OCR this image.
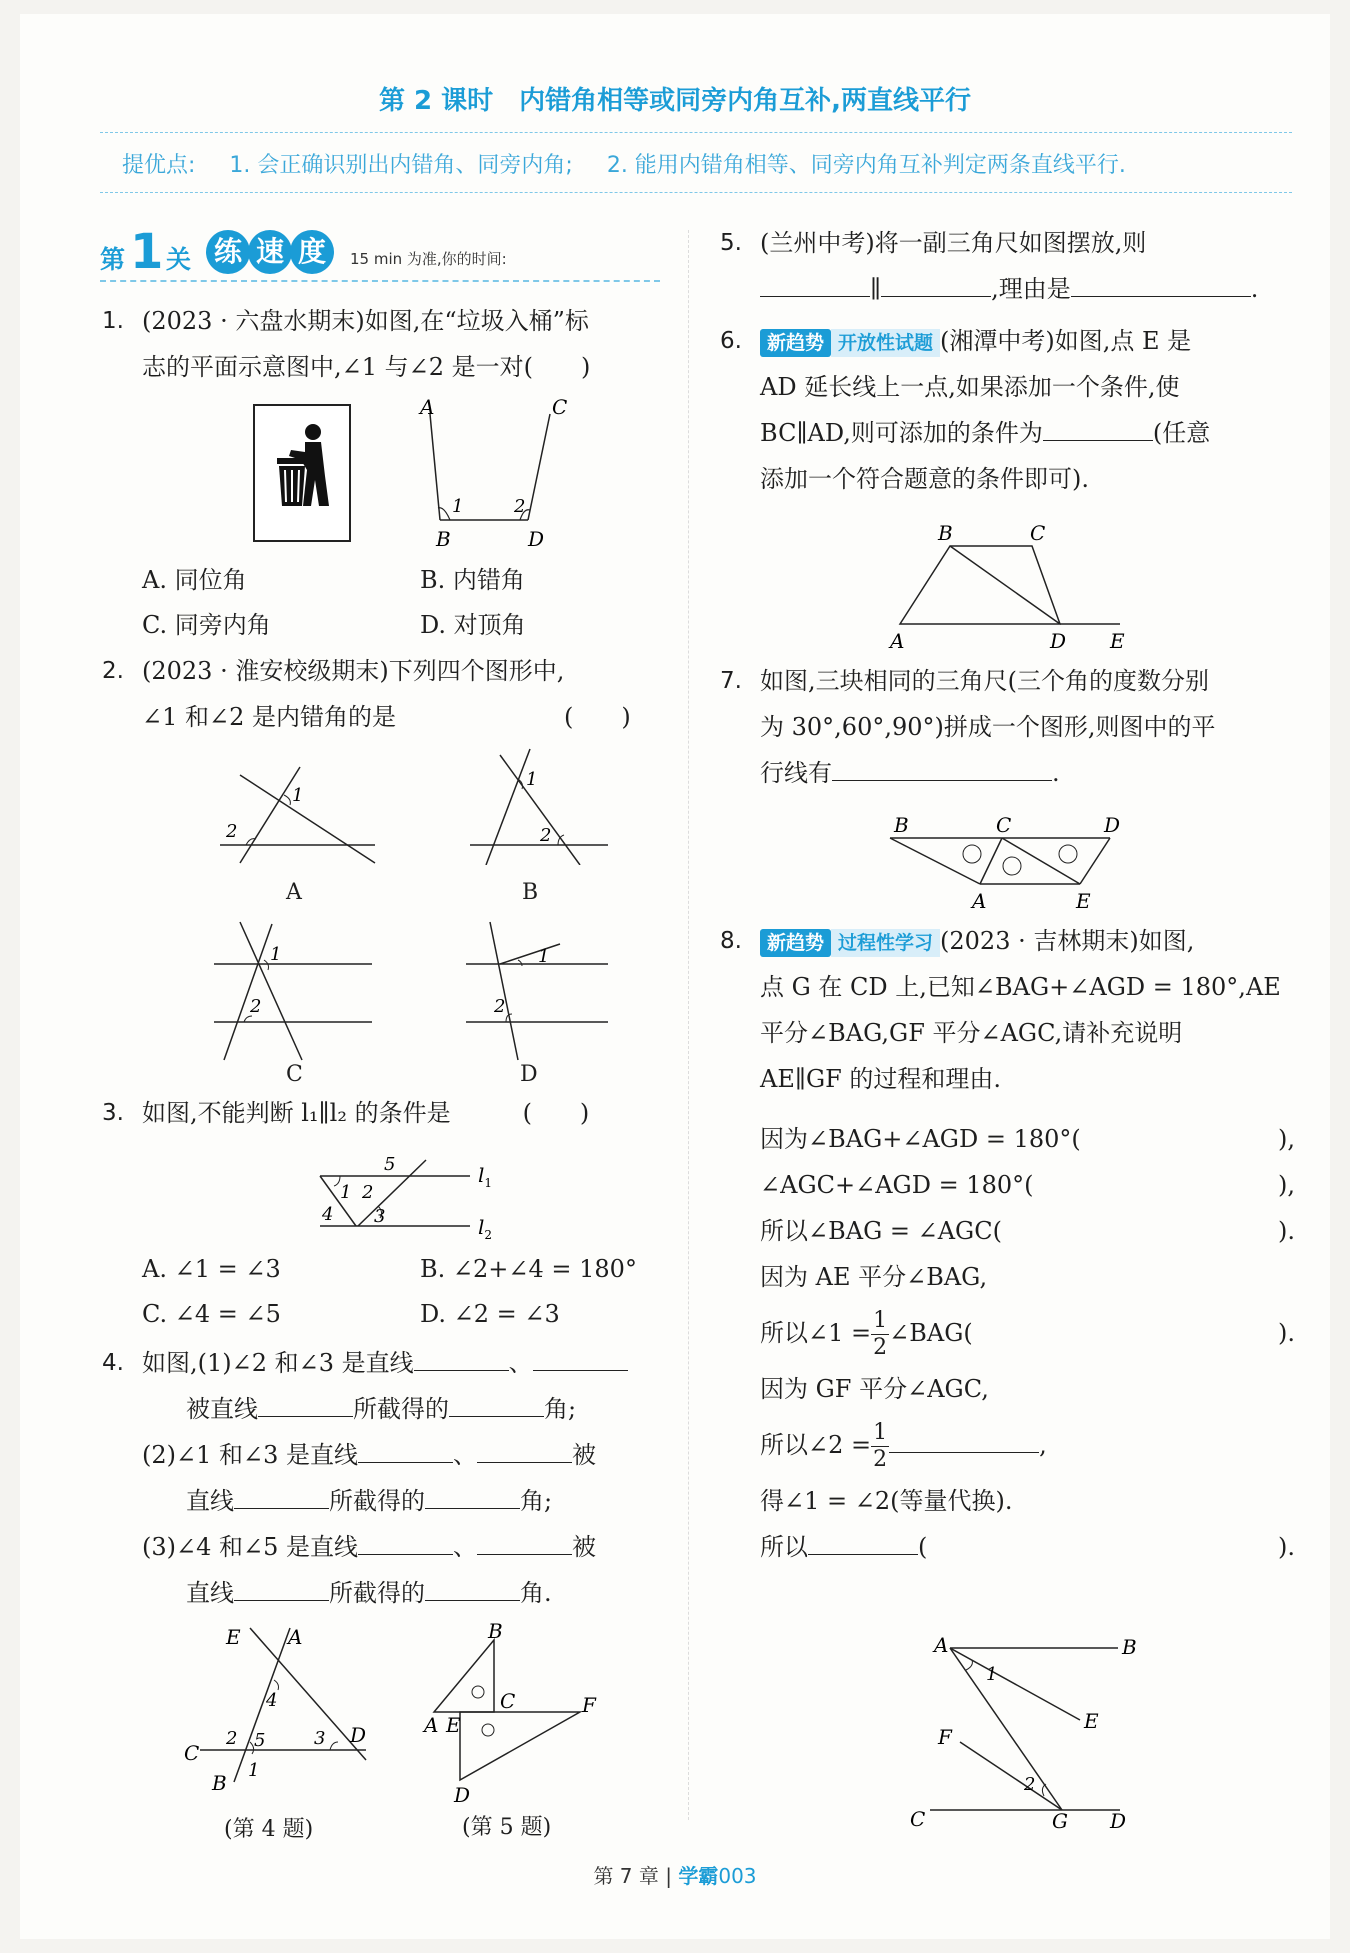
第 2 课时　内错角相等或同旁内角互补,两直线平行
提优点: 1. 会正确识别出内错角、同旁内角; 2. 能用内错角相等、同旁内角互补判定两条直线平行.
第 1 关 练 速 度	15 min 为准,你的时间:
1. (2023 · 六盘水期末)如图,在“垃圾入桶”标
志的平面示意图中,∠1 与∠2 是一对(　　)
A	C
B	D
1	2
A. 同位角	B. 内错角
C. 同旁内角	D. 对顶角
2. (2023 · 淮安校级期末)下列四个图形中,
∠1 和∠2 是内错角的是　　　　　　　(　　)
1
2
A
1
2
B
1
2
C
1
2
D
3. 如图,不能判断 l₁∥l₂ 的条件是　　　(　　)
1 2
3
4
5	$l_1$
$l_2$
A. ∠1 = ∠3	B. ∠2+∠4 = 180°
C. ∠4 = ∠5	D. ∠2 = ∠3
4. 如图,(1)∠2 和∠3 是直线	、
被直线	所截得的	角;
(2)∠1 和∠3 是直线	、	被
直线	所截得的	角;
(3)∠4 和∠5 是直线	、	被
直线	所截得的	角.
E A
C
B
D
1
2	3
4
5
(第 4 题)
B
C	F
A E
D
(第 5 题)
5. (兰州中考)将一副三角尺如图摆放,则
∥	,理由是	.
6.	新趋势 开放性试题 (湘潭中考)如图,点 E 是
AD 延长线上一点,如果添加一个条件,使
BC∥AD,则可添加的条件为	(任意
添加一个符合题意的条件即可).
B	C
A	D E
7. 如图,三块相同的三角尺(三个角的度数分别
为 30°,60°,90°)拼成一个图形,则图中的平
行线有	.
B	C	D
A	E
8.	新趋势 过程性学习 (2023 · 吉林期末)如图,
点 G 在 CD 上,已知∠BAG+∠AGD = 180°,AE
平分∠BAG,GF 平分∠AGC,请补充说明
AE∥GF 的过程和理由.
因为∠BAG+∠AGD = 180°(	),
∠AGC+∠AGD = 180°(	),
所以∠BAG = ∠AGC(	).
因为 AE 平分∠BAG,
所以∠1 = $\frac{1}{2}$ ∠BAG(	).
因为 GF 平分∠AGC,
所以∠2 = $\frac{1}{2}$	,
得∠1 = ∠2(等量代换).
所以	(	).
A	B
E
F
C	G D
1
2
第 7 章 | 学霸003
